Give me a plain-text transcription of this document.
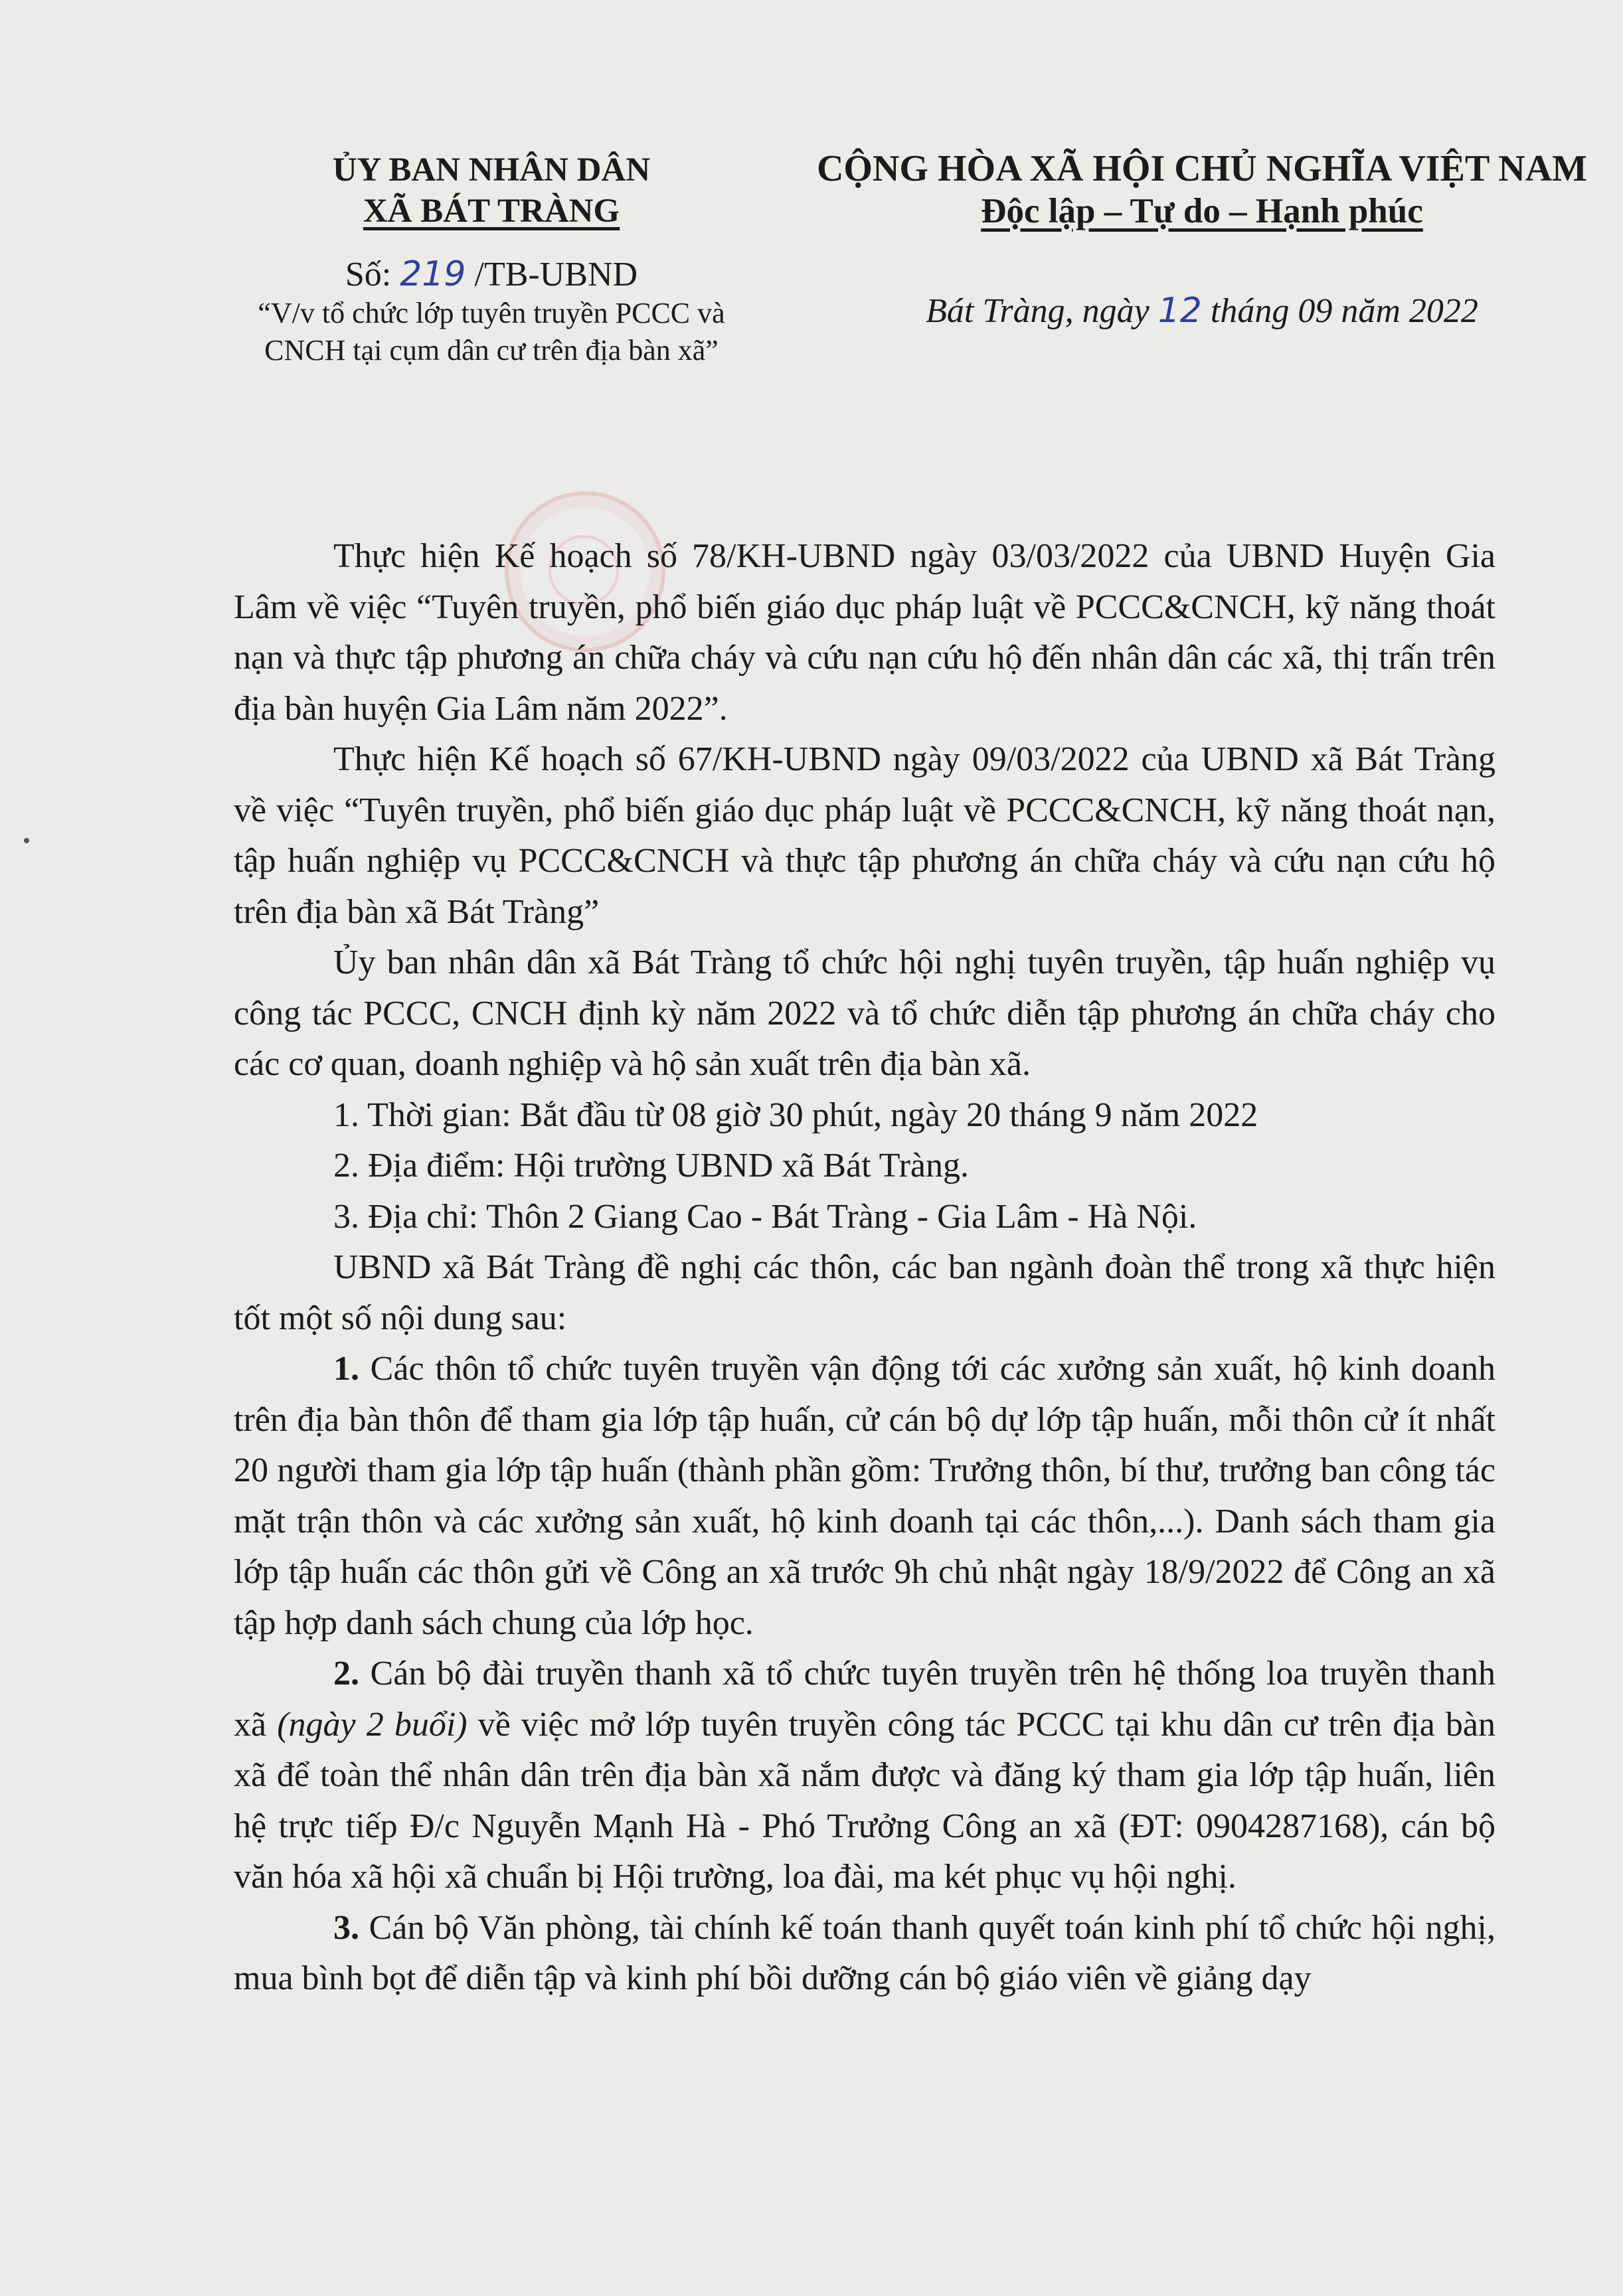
ỦY BAN NHÂN DÂN
XÃ BÁT TRÀNG
Số: 219 /TB-UBND
“V/v tổ chức lớp tuyên truyền PCCC và
CNCH tại cụm dân cư trên địa bàn xã”
CỘNG HÒA XÃ HỘI CHỦ NGHĨA VIỆT NAM
Độc lập – Tự do – Hạnh phúc
Bát Tràng, ngày 12 tháng 09 năm 2022

Thực hiện Kế hoạch số 78/KH-UBND ngày 03/03/2022 của UBND Huyện Gia Lâm về việc “Tuyên truyền, phổ biến giáo dục pháp luật về PCCC&CNCH, kỹ năng thoát nạn và thực tập phương án chữa cháy và cứu nạn cứu hộ đến nhân dân các xã, thị trấn trên địa bàn huyện Gia Lâm năm 2022”.

Thực hiện Kế hoạch số 67/KH-UBND ngày 09/03/2022 của UBND xã Bát Tràng về việc “Tuyên truyền, phổ biến giáo dục pháp luật về PCCC&CNCH, kỹ năng thoát nạn, tập huấn nghiệp vụ PCCC&CNCH và thực tập phương án chữa cháy và cứu nạn cứu hộ trên địa bàn xã Bát Tràng”

Ủy ban nhân dân xã Bát Tràng tổ chức hội nghị tuyên truyền, tập huấn nghiệp vụ công tác PCCC, CNCH định kỳ năm 2022 và tổ chức diễn tập phương án chữa cháy cho các cơ quan, doanh nghiệp và hộ sản xuất trên địa bàn xã.

1. Thời gian: Bắt đầu từ 08 giờ 30 phút, ngày 20 tháng 9 năm 2022

2. Địa điểm: Hội trường UBND xã Bát Tràng.

3. Địa chỉ: Thôn 2 Giang Cao - Bát Tràng - Gia Lâm - Hà Nội.

UBND xã Bát Tràng đề nghị các thôn, các ban ngành đoàn thể trong xã thực hiện tốt một số nội dung sau:

1. Các thôn tổ chức tuyên truyền vận động tới các xưởng sản xuất, hộ kinh doanh trên địa bàn thôn để tham gia lớp tập huấn, cử cán bộ dự lớp tập huấn, mỗi thôn cử ít nhất 20 người tham gia lớp tập huấn (thành phần gồm: Trưởng thôn, bí thư, trưởng ban công tác mặt trận thôn và các xưởng sản xuất, hộ kinh doanh tại các thôn,...). Danh sách tham gia lớp tập huấn các thôn gửi về Công an xã trước 9h chủ nhật ngày 18/9/2022 để Công an xã tập hợp danh sách chung của lớp học.

2. Cán bộ đài truyền thanh xã tổ chức tuyên truyền trên hệ thống loa truyền thanh xã (ngày 2 buổi) về việc mở lớp tuyên truyền công tác PCCC tại khu dân cư trên địa bàn xã để toàn thể nhân dân trên địa bàn xã nắm được và đăng ký tham gia lớp tập huấn, liên hệ trực tiếp Đ/c Nguyễn Mạnh Hà - Phó Trưởng Công an xã (ĐT: 0904287168), cán bộ văn hóa xã hội xã chuẩn bị Hội trường, loa đài, ma két phục vụ hội nghị.

3. Cán bộ Văn phòng, tài chính kế toán thanh quyết toán kinh phí tổ chức hội nghị, mua bình bọt để diễn tập và kinh phí bồi dưỡng cán bộ giáo viên về giảng dạy
